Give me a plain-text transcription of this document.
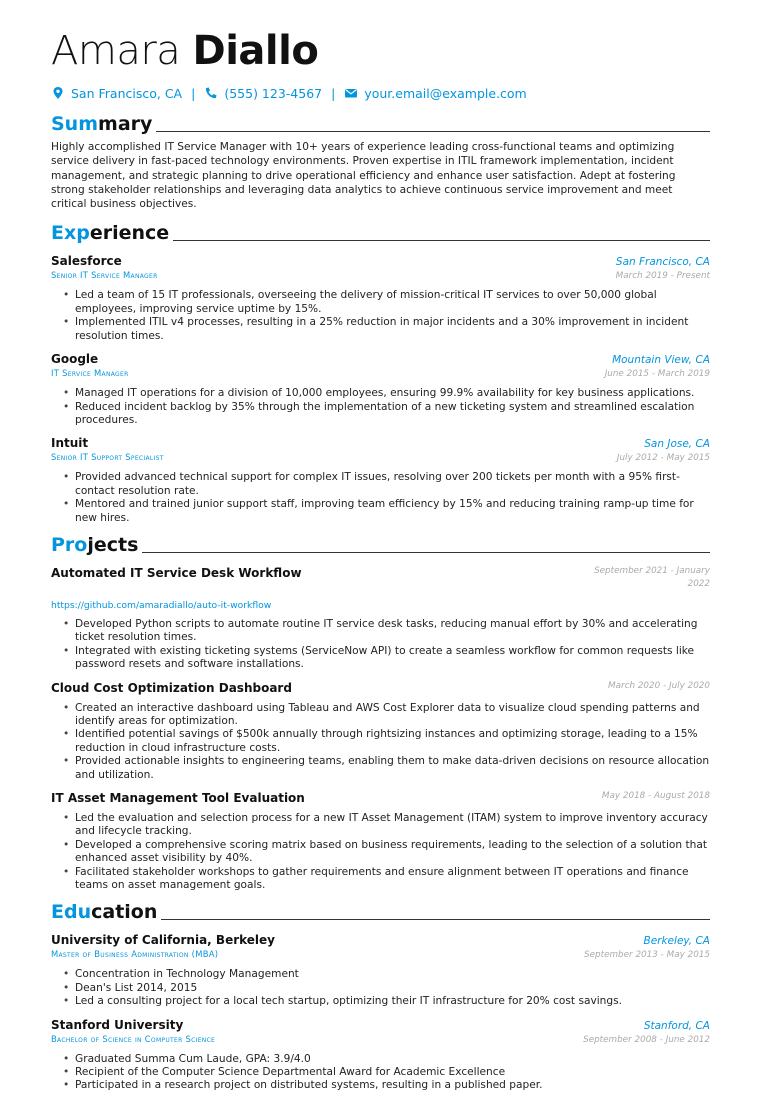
Amara Diallo
San Francisco, CA | (555) 123-4567 | your.email@example.com
Summary
Highly accomplished IT Service Manager with 10+ years of experience leading cross-functional teams and optimizing service delivery in fast-paced technology environments. Proven expertise in ITIL framework implementation, incident management, and strategic planning to drive operational efficiency and enhance user satisfaction. Adept at fostering strong stakeholder relationships and leveraging data analytics to achieve continuous service improvement and meet critical business objectives.
Experience
Salesforce	San Francisco, CA
Senior IT Service Manager	March 2019 - Present
• Led a team of 15 IT professionals, overseeing the delivery of mission-critical IT services to over 50,000 global employees, improving service uptime by 15%.
• Implemented ITIL v4 processes, resulting in a 25% reduction in major incidents and a 30% improvement in incident resolution times.
Google	Mountain View, CA
IT Service Manager	June 2015 - March 2019
• Managed IT operations for a division of 10,000 employees, ensuring 99.9% availability for key business applications.
• Reduced incident backlog by 35% through the implementation of a new ticketing system and streamlined escalation procedures.
Intuit	San Jose, CA
Senior IT Support Specialist	July 2012 - May 2015
• Provided advanced technical support for complex IT issues, resolving over 200 tickets per month with a 95% first-contact resolution rate.
• Mentored and trained junior support staff, improving team efficiency by 15% and reducing training ramp-up time for new hires.
Projects
Automated IT Service Desk Workflow	September 2021 - January 2022
https://github.com/amaradiallo/auto-it-workflow
• Developed Python scripts to automate routine IT service desk tasks, reducing manual effort by 30% and accelerating ticket resolution times.
• Integrated with existing ticketing systems (ServiceNow API) to create a seamless workflow for common requests like password resets and software installations.
Cloud Cost Optimization Dashboard	March 2020 - July 2020
• Created an interactive dashboard using Tableau and AWS Cost Explorer data to visualize cloud spending patterns and identify areas for optimization.
• Identified potential savings of $500k annually through rightsizing instances and optimizing storage, leading to a 15% reduction in cloud infrastructure costs.
• Provided actionable insights to engineering teams, enabling them to make data-driven decisions on resource allocation and utilization.
IT Asset Management Tool Evaluation	May 2018 - August 2018
• Led the evaluation and selection process for a new IT Asset Management (ITAM) system to improve inventory accuracy and lifecycle tracking.
• Developed a comprehensive scoring matrix based on business requirements, leading to the selection of a solution that enhanced asset visibility by 40%.
• Facilitated stakeholder workshops to gather requirements and ensure alignment between IT operations and finance teams on asset management goals.
Education
University of California, Berkeley	Berkeley, CA
Master of Business Administration (MBA)	September 2013 - May 2015
• Concentration in Technology Management
• Dean's List 2014, 2015
• Led a consulting project for a local tech startup, optimizing their IT infrastructure for 20% cost savings.
Stanford University	Stanford, CA
Bachelor of Science in Computer Science	September 2008 - June 2012
• Graduated Summa Cum Laude, GPA: 3.9/4.0
• Recipient of the Computer Science Departmental Award for Academic Excellence
• Participated in a research project on distributed systems, resulting in a published paper.
